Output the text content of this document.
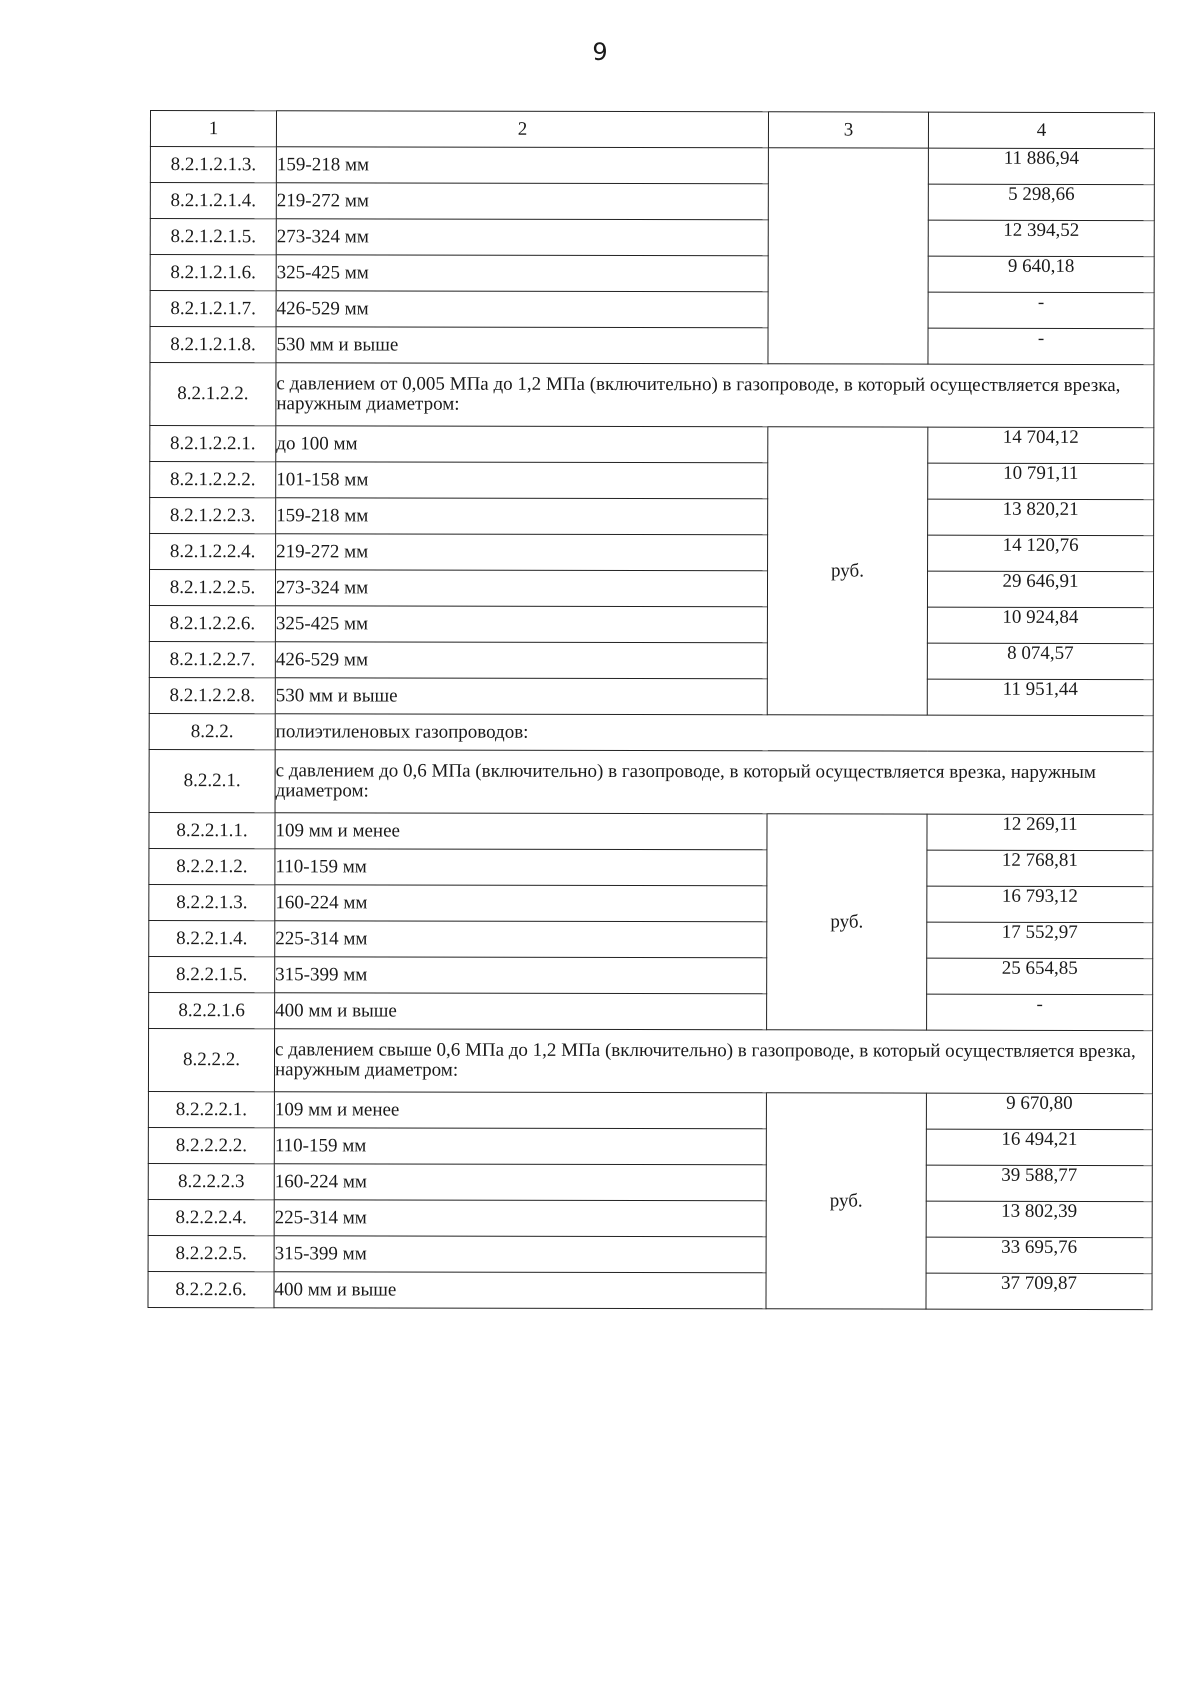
9
1	2	3	4
8.2.1.2.1.3.	159-218 мм		11 886,94
8.2.1.2.1.4.	219-272 мм		5 298,66
8.2.1.2.1.5.	273-324 мм		12 394,52
8.2.1.2.1.6.	325-425 мм		9 640,18
8.2.1.2.1.7.	426-529 мм		-
8.2.1.2.1.8.	530 мм и выше		-
8.2.1.2.2.	с давлением от 0,005 МПа до 1,2 МПа (включительно) в газопроводе, в который осуществляется врезка, наружным диаметром:		
8.2.1.2.2.1.	до 100 мм	руб.	14 704,12
8.2.1.2.2.2.	101-158 мм		10 791,11
8.2.1.2.2.3.	159-218 мм		13 820,21
8.2.1.2.2.4.	219-272 мм		14 120,76
8.2.1.2.2.5.	273-324 мм		29 646,91
8.2.1.2.2.6.	325-425 мм		10 924,84
8.2.1.2.2.7.	426-529 мм		8 074,57
8.2.1.2.2.8.	530 мм и выше		11 951,44
8.2.2.	полиэтиленовых газопроводов:		
8.2.2.1.	с давлением до 0,6 МПа (включительно) в газопроводе, в который осуществляется врезка, наружным диаметром:		
8.2.2.1.1.	109 мм и менее	руб.	12 269,11
8.2.2.1.2.	110-159 мм		12 768,81
8.2.2.1.3.	160-224 мм		16 793,12
8.2.2.1.4.	225-314 мм		17 552,97
8.2.2.1.5.	315-399 мм		25 654,85
8.2.2.1.6	400 мм и выше		-
8.2.2.2.	с давлением свыше 0,6 МПа до 1,2 МПа (включительно) в газопроводе, в который осуществляется врезка, наружным диаметром:		
8.2.2.2.1.	109 мм и менее	руб.	9 670,80
8.2.2.2.2.	110-159 мм		16 494,21
8.2.2.2.3	160-224 мм		39 588,77
8.2.2.2.4.	225-314 мм		13 802,39
8.2.2.2.5.	315-399 мм		33 695,76
8.2.2.2.6.	400 мм и выше		37 709,87
